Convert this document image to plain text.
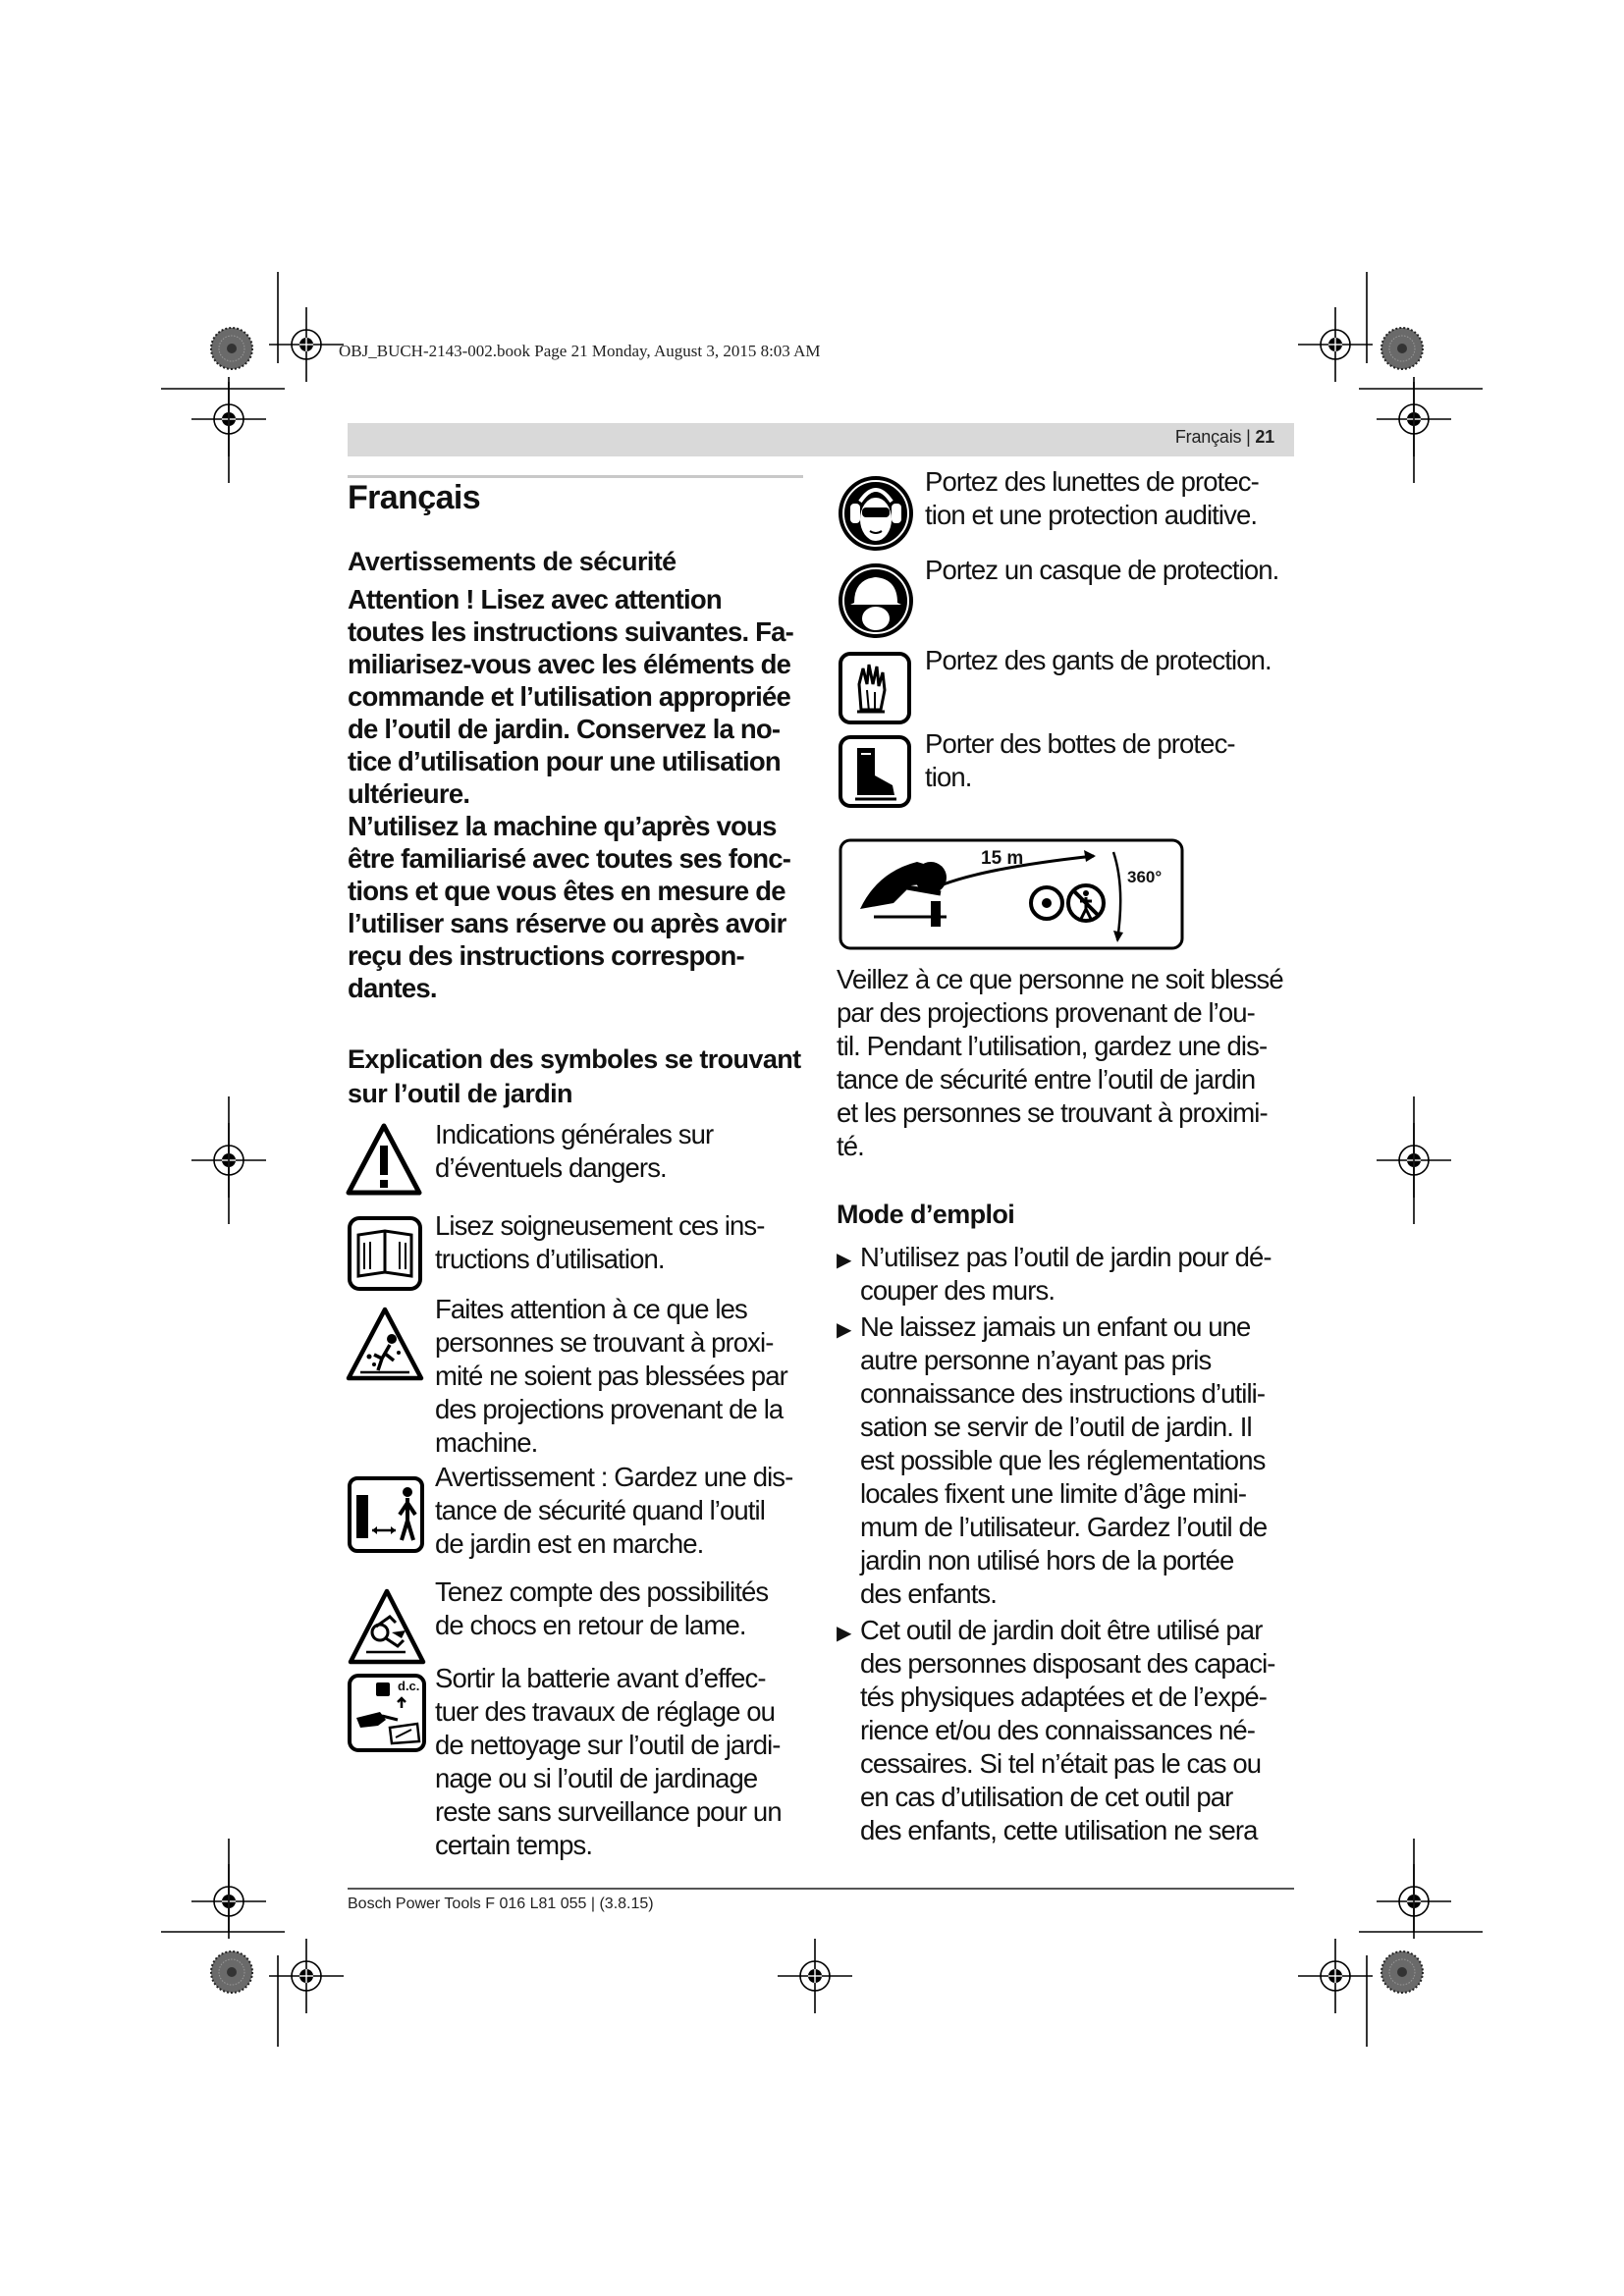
OBJ_BUCH-2143-002.book Page 21 Monday, August 3, 2015 8:03 AM
Français | 21
Français
Avertissements de sécurité
Attention ! Lisez avec attention
toutes les instructions suivantes. Fa-
miliarisez-vous avec les éléments de
commande et l’utilisation appropriée
de l’outil de jardin. Conservez la no-
tice d’utilisation pour une utilisation
ultérieure.
N’utilisez la machine qu’après vous
être familiarisé avec toutes ses fonc-
tions et que vous êtes en mesure de
l’utiliser sans réserve ou après avoir
reçu des instructions correspon-
dantes.
Explication des symboles se trouvant
sur l’outil de jardin
Indications générales sur
d’éventuels dangers.
Lisez soigneusement ces ins-
tructions d’utilisation.
Faites attention à ce que les
personnes se trouvant à proxi-
mité ne soient pas blessées par
des projections provenant de la
machine.
Avertissement : Gardez une dis-
tance de sécurité quand l’outil
de jardin est en marche.
Tenez compte des possibilités
de chocs en retour de lame.
d.c. Sortir la batterie avant d’effec-
tuer des travaux de réglage ou
de nettoyage sur l’outil de jardi-
nage ou si l’outil de jardinage
reste sans surveillance pour un
certain temps.
Portez des lunettes de protec-
tion et une protection auditive.
Portez un casque de protection.
Portez des gants de protection.
Porter des bottes de protec-
tion.
15 m
360°
Veillez à ce que personne ne soit blessé
par des projections provenant de l’ou-
til. Pendant l’utilisation, gardez une dis-
tance de sécurité entre l’outil de jardin
et les personnes se trouvant à proximi-
té.
Mode d’emploi
▶ N’utilisez pas l’outil de jardin pour dé-
couper des murs.
▶ Ne laissez jamais un enfant ou une
autre personne n’ayant pas pris
connaissance des instructions d’utili-
sation se servir de l’outil de jardin. Il
est possible que les réglementations
locales fixent une limite d’âge mini-
mum de l’utilisateur. Gardez l’outil de
jardin non utilisé hors de la portée
des enfants.
▶ Cet outil de jardin doit être utilisé par
des personnes disposant des capaci-
tés physiques adaptées et de l’expé-
rience et/ou des connaissances né-
cessaires. Si tel n’était pas le cas ou
en cas d’utilisation de cet outil par
des enfants, cette utilisation ne sera
Bosch Power Tools F 016 L81 055 | (3.8.15)
